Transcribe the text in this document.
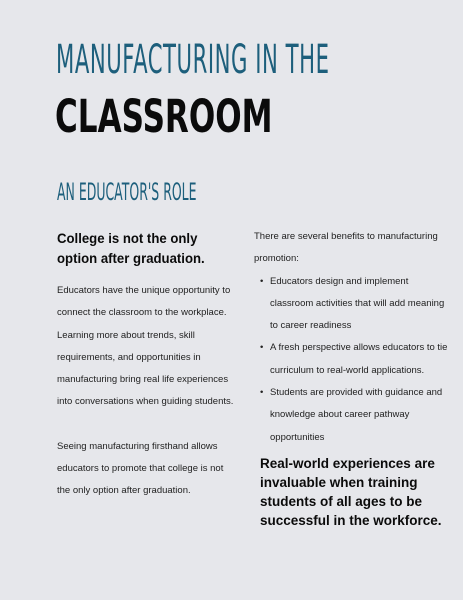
MANUFACTURING IN THE
CLASSROOM
AN EDUCATOR'S ROLE
College is not the only
option after graduation.
Educators have the unique opportunity to
connect the classroom to the workplace.
Learning more about trends, skill
requirements, and opportunities in
manufacturing bring real life experiences
into conversations when guiding students.
Seeing manufacturing firsthand allows
educators to promote that college is not
the only option after graduation.
There are several benefits to manufacturing
promotion:
• Educators design and implement
classroom activities that will add meaning
to career readiness
• A fresh perspective allows educators to tie
curriculum to real-world applications.
• Students are provided with guidance and
knowledge about career pathway
opportunities
Real-world experiences are
invaluable when training
students of all ages to be
successful in the workforce.
